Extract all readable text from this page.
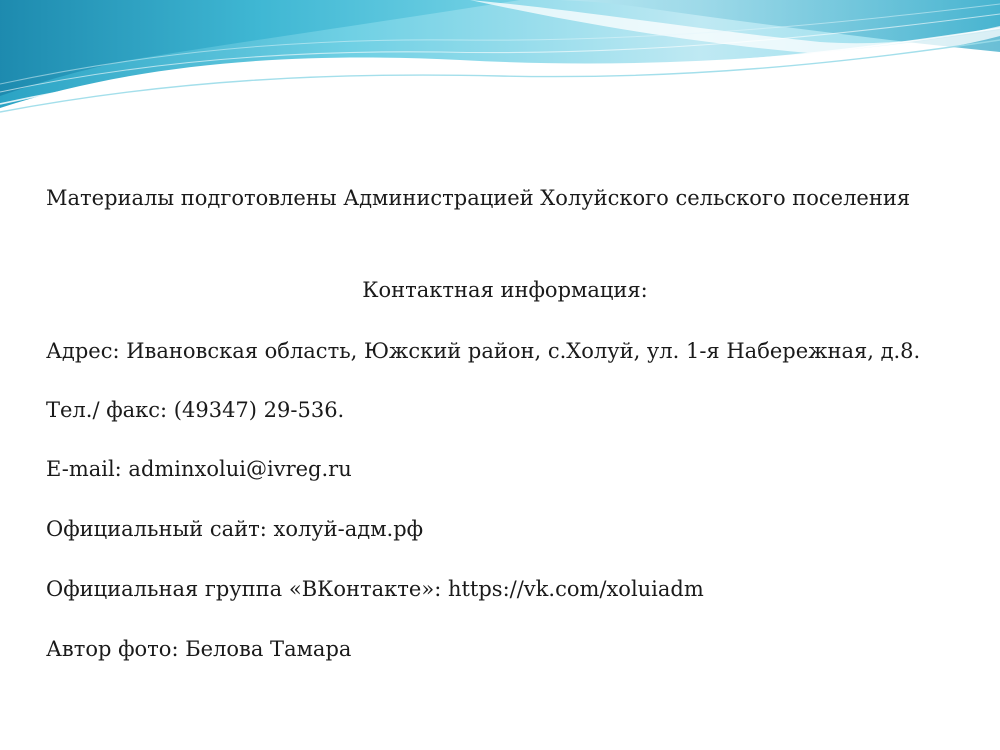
Материалы подготовлены Администрацией Холуйского сельского поселения

Контактная информация:

Адрес: Ивановская область, Южский район, с.Холуй, ул. 1-я Набережная, д.8.

Тел./ факс: (49347) 29-536.

E-mail: adminxolui@ivreg.ru

Официальный сайт: холуй-адм.рф

Официальная группа «ВКонтакте»: https://vk.com/xoluiadm

Автор фото: Белова Тамара
